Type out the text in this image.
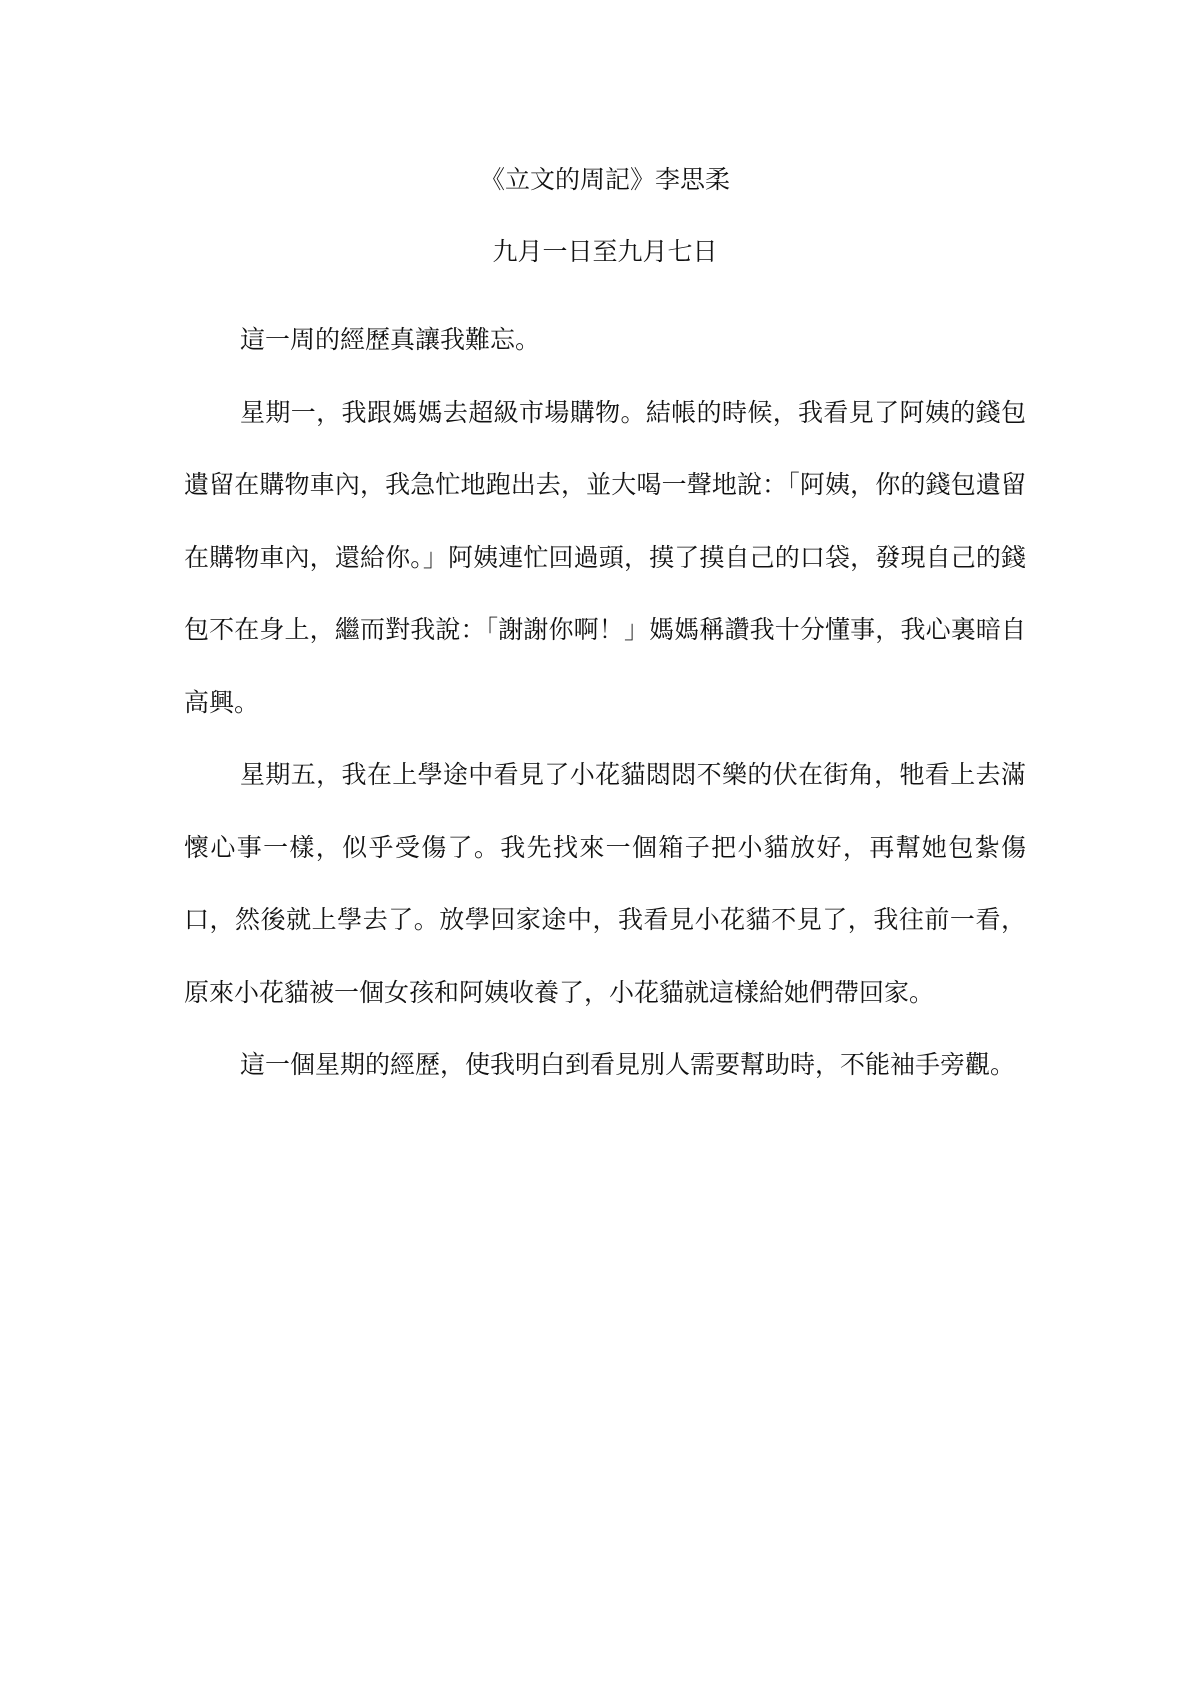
《立文的周記》李思柔
九月一日至九月七日

這一周的經歷真讓我難忘。

星期一，我跟媽媽去超級市場購物。結帳的時候，我看見了阿姨的錢包遺留在購物車內，我急忙地跑出去，並大喝一聲地說：「阿姨，你的錢包遺留在購物車內，還給你。」阿姨連忙回過頭，摸了摸自己的口袋，發現自己的錢包不在身上，繼而對我說：「謝謝你啊！」媽媽稱讚我十分懂事，我心裏暗自高興。

星期五，我在上學途中看見了小花貓悶悶不樂的伏在街角，牠看上去滿懷心事一樣，似乎受傷了。我先找來一個箱子把小貓放好，再幫她包紮傷口，然後就上學去了。放學回家途中，我看見小花貓不見了，我往前一看，原來小花貓被一個女孩和阿姨收養了，小花貓就這樣給她們帶回家。

這一個星期的經歷，使我明白到看見別人需要幫助時，不能袖手旁觀。
